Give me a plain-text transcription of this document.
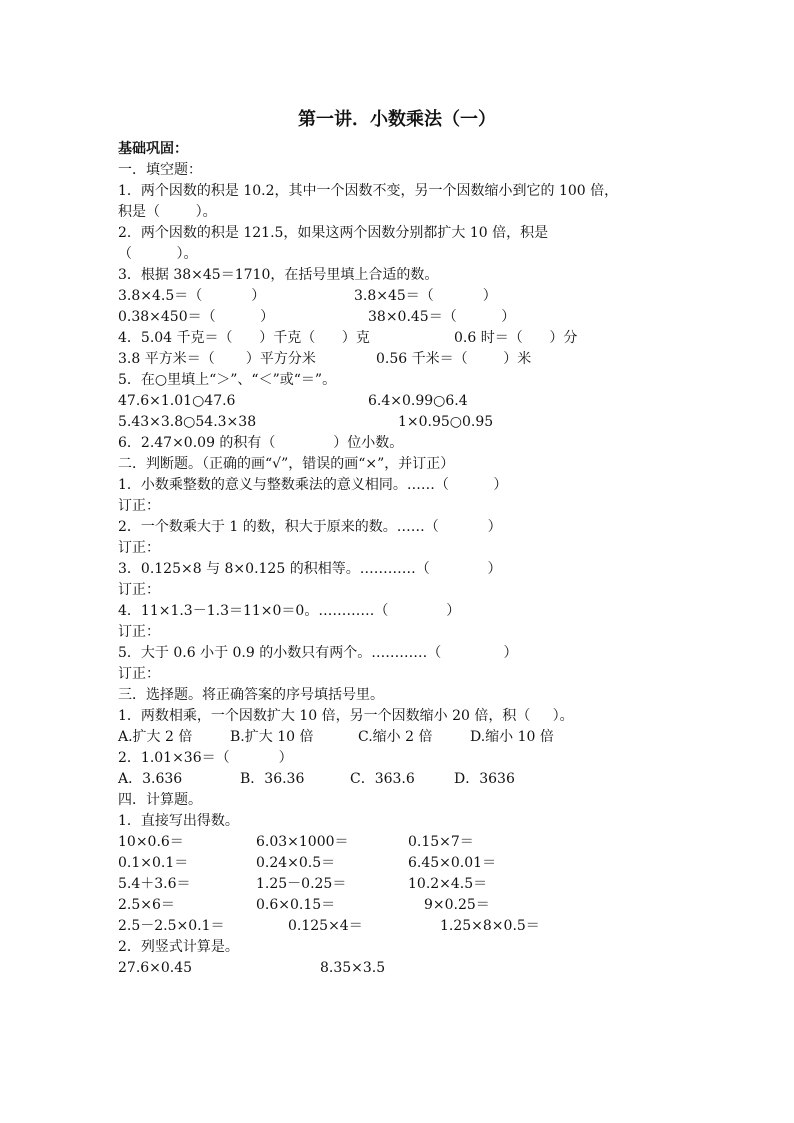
第一讲．小数乘法（一）
基础巩固：
一．填空题：
1．两个因数的积是 10.2，其中一个因数不变，另一个因数缩小到它的 100 倍，
积是（        ）。
2．两个因数的积是 121.5，如果这两个因数分别都扩大 10 倍，积是
（          ）。
3．根据 38×45＝1710，在括号里填上合适的数。
3.8×4.5＝（           ）	3.8×45＝（           ）
0.38×450＝（          ）	38×0.45＝（          ）
4．5.04 千克＝（      ）千克（      ）克	0.6 时＝（      ）分
3.8 平方米＝（       ）平方分米	0.56 千米＝（        ）米
5．在○里填上“＞”、“＜”或“＝”。
47.6×1.01○47.6	6.4×0.99○6.4
5.43×3.8○54.3×38	1×0.95○0.95
6．2.47×0.09 的积有（             ）位小数。
二．判断题。（正确的画“√”，错误的画“×”，并订正）
1．小数乘整数的意义与整数乘法的意义相同。……（          ）
订正：
2．一个数乘大于 1 的数，积大于原来的数。……（           ）
订正：
3．0.125×8 与 8×0.125 的积相等。…………（             ）
订正：
4．11×1.3－1.3＝11×0＝0。…………（             ）
订正：
5．大于 0.6 小于 0.9 的小数只有两个。…………（              ）
订正：
三．选择题。将正确答案的序号填括号里。
1．两数相乘，一个因数扩大 10 倍，另一个因数缩小 20 倍，积（     ）。
A.扩大 2 倍	B.扩大 10 倍	C.缩小 2 倍	D.缩小 10 倍
2．1.01×36＝（           ）
A．3.636	B．36.36	C．363.6	D．3636
四．计算题。
1．直接写出得数。
10×0.6＝	6.03×1000＝	0.15×7＝
0.1×0.1＝	0.24×0.5＝	6.45×0.01＝
5.4＋3.6＝	1.25－0.25＝	10.2×4.5＝
2.5×6＝	0.6×0.15＝	9×0.25＝
2.5－2.5×0.1＝	0.125×4＝	1.25×8×0.5＝
2．列竖式计算是。
27.6×0.45	8.35×3.5
